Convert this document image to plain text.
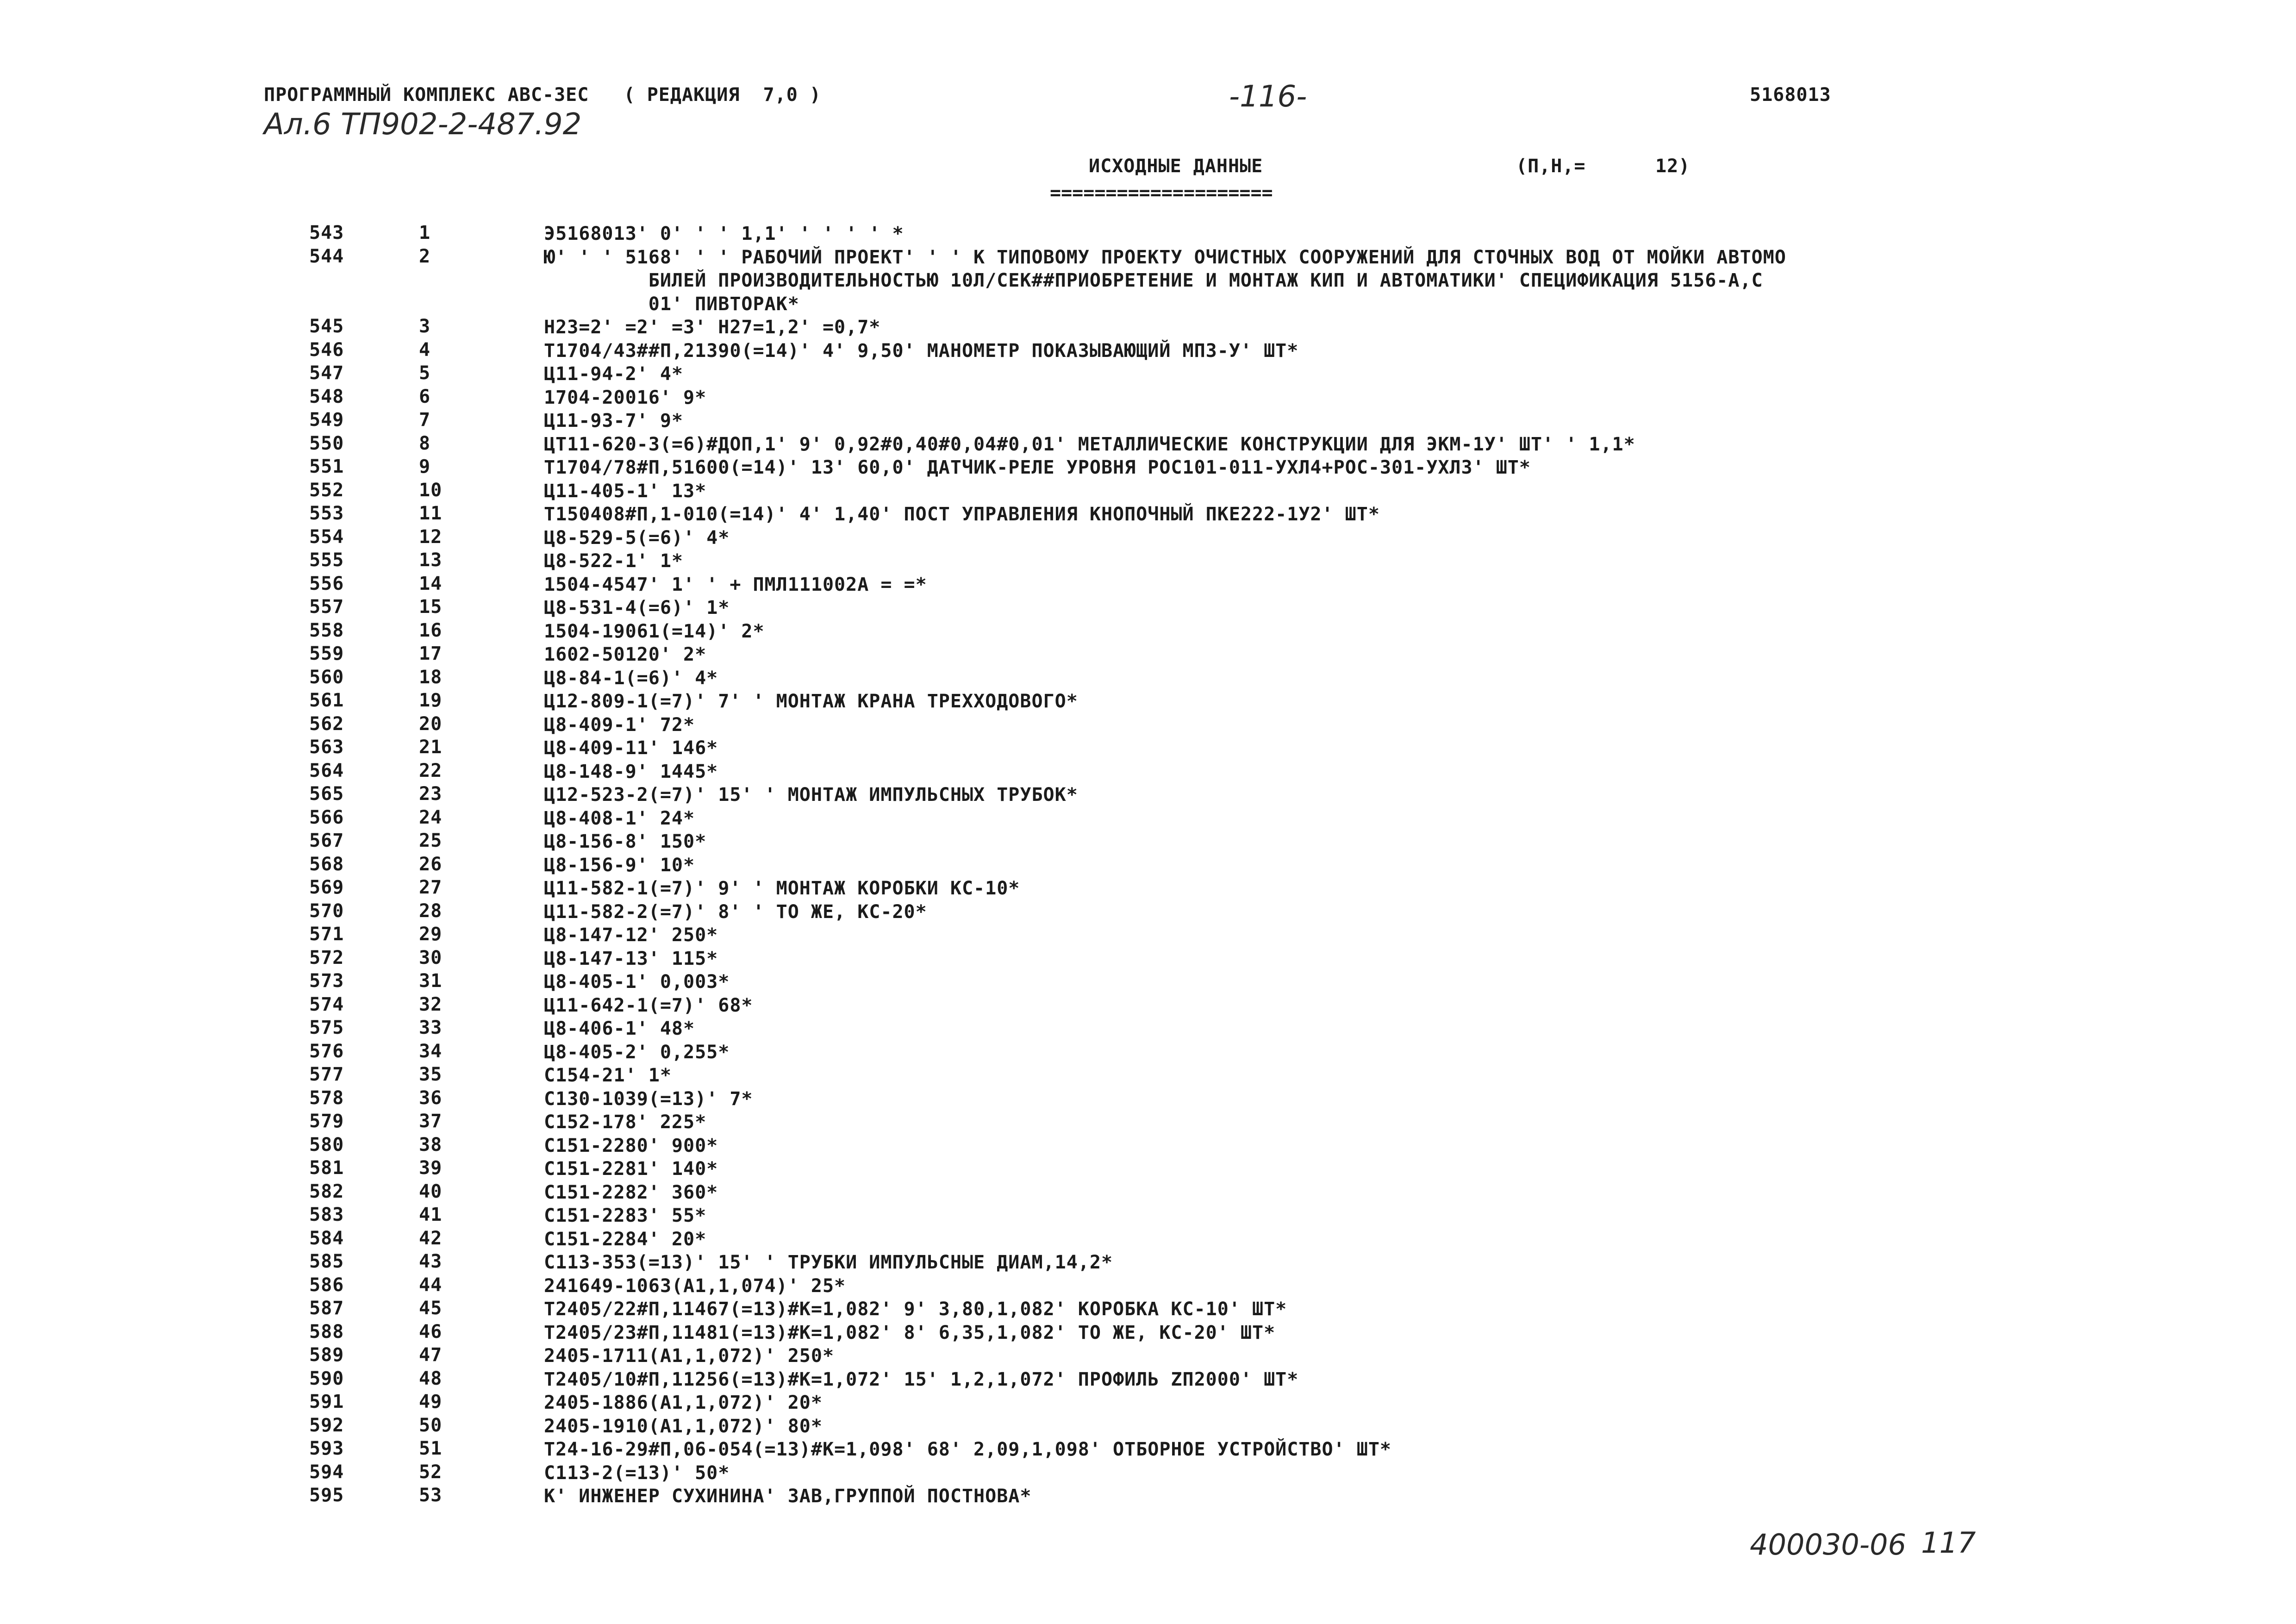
ПРОГРАММНЫЙ КОМПЛЕКС АВС-3ЕС   ( РЕДАКЦИЯ  7,0 )	-116-	5168013
Ал.6 ТП902-2-487.92
ИСХОДНЫЕ ДАННЫЕ	(П,Н,=      12)
====================
543	1	Э5168013' 0' ' ' 1,1' ' ' ' ' *
544	2	Ю' ' ' 5168' ' ' РАБОЧИЙ ПРОЕКТ' ' ' К ТИПОВОМУ ПРОЕКТУ ОЧИСТНЫХ СООРУЖЕНИЙ ДЛЯ СТОЧНЫХ ВОД ОТ МОЙКИ АВТОМО
БИЛЕЙ ПРОИЗВОДИТЕЛЬНОСТЬЮ 10Л/СЕК##ПРИОБРЕТЕНИЕ И МОНТАЖ КИП И АВТОМАТИКИ' СПЕЦИФИКАЦИЯ 5156-А,С
01' ПИВТОРАК*
545	3	Н23=2' =2' =3' Н27=1,2' =0,7*
546	4	Т1704/43##П,21390(=14)' 4' 9,50' МАНОМЕТР ПОКАЗЫВАЮЩИЙ МПЗ-У' ШТ*
547	5	Ц11-94-2' 4*
548	6	1704-20016' 9*
549	7	Ц11-93-7' 9*
550	8	ЦТ11-620-3(=6)#ДОП,1' 9' 0,92#0,40#0,04#0,01' МЕТАЛЛИЧЕСКИЕ КОНСТРУКЦИИ ДЛЯ ЭКМ-1У' ШТ' ' 1,1*
551	9	Т1704/78#П,51600(=14)' 13' 60,0' ДАТЧИК-РЕЛЕ УРОВНЯ РОС101-011-УХЛ4+РОС-301-УХЛ3' ШТ*
552	10	Ц11-405-1' 13*
553	11	Т150408#П,1-010(=14)' 4' 1,40' ПОСТ УПРАВЛЕНИЯ КНОПОЧНЫЙ ПКЕ222-1У2' ШТ*
554	12	Ц8-529-5(=6)' 4*
555	13	Ц8-522-1' 1*
556	14	1504-4547' 1' ' + ПМЛ111002А = =*
557	15	Ц8-531-4(=6)' 1*
558	16	1504-19061(=14)' 2*
559	17	1602-50120' 2*
560	18	Ц8-84-1(=6)' 4*
561	19	Ц12-809-1(=7)' 7' ' МОНТАЖ КРАНА ТРЕХХОДОВОГО*
562	20	Ц8-409-1' 72*
563	21	Ц8-409-11' 146*
564	22	Ц8-148-9' 1445*
565	23	Ц12-523-2(=7)' 15' ' МОНТАЖ ИМПУЛЬСНЫХ ТРУБОК*
566	24	Ц8-408-1' 24*
567	25	Ц8-156-8' 150*
568	26	Ц8-156-9' 10*
569	27	Ц11-582-1(=7)' 9' ' МОНТАЖ КОРОБКИ КС-10*
570	28	Ц11-582-2(=7)' 8' ' ТО ЖЕ, КС-20*
571	29	Ц8-147-12' 250*
572	30	Ц8-147-13' 115*
573	31	Ц8-405-1' 0,003*
574	32	Ц11-642-1(=7)' 68*
575	33	Ц8-406-1' 48*
576	34	Ц8-405-2' 0,255*
577	35	С154-21' 1*
578	36	С130-1039(=13)' 7*
579	37	С152-178' 225*
580	38	С151-2280' 900*
581	39	С151-2281' 140*
582	40	С151-2282' 360*
583	41	С151-2283' 55*
584	42	С151-2284' 20*
585	43	С113-353(=13)' 15' ' ТРУБКИ ИМПУЛЬСНЫЕ ДИАМ,14,2*
586	44	241649-1063(А1,1,074)' 25*
587	45	Т2405/22#П,11467(=13)#К=1,082' 9' 3,80,1,082' КОРОБКА КС-10' ШТ*
588	46	Т2405/23#П,11481(=13)#К=1,082' 8' 6,35,1,082' ТО ЖЕ, КС-20' ШТ*
589	47	2405-1711(А1,1,072)' 250*
590	48	Т2405/10#П,11256(=13)#К=1,072' 15' 1,2,1,072' ПРОФИЛЬ ZП2000' ШТ*
591	49	2405-1886(А1,1,072)' 20*
592	50	2405-1910(А1,1,072)' 80*
593	51	Т24-16-29#П,06-054(=13)#К=1,098' 68' 2,09,1,098' ОТБОРНОЕ УСТРОЙСТВО' ШТ*
594	52	С113-2(=13)' 50*
595	53	К' ИНЖЕНЕР СУХИНИНА' ЗАВ,ГРУППОЙ ПОСТНОВА*
400030-06 117
